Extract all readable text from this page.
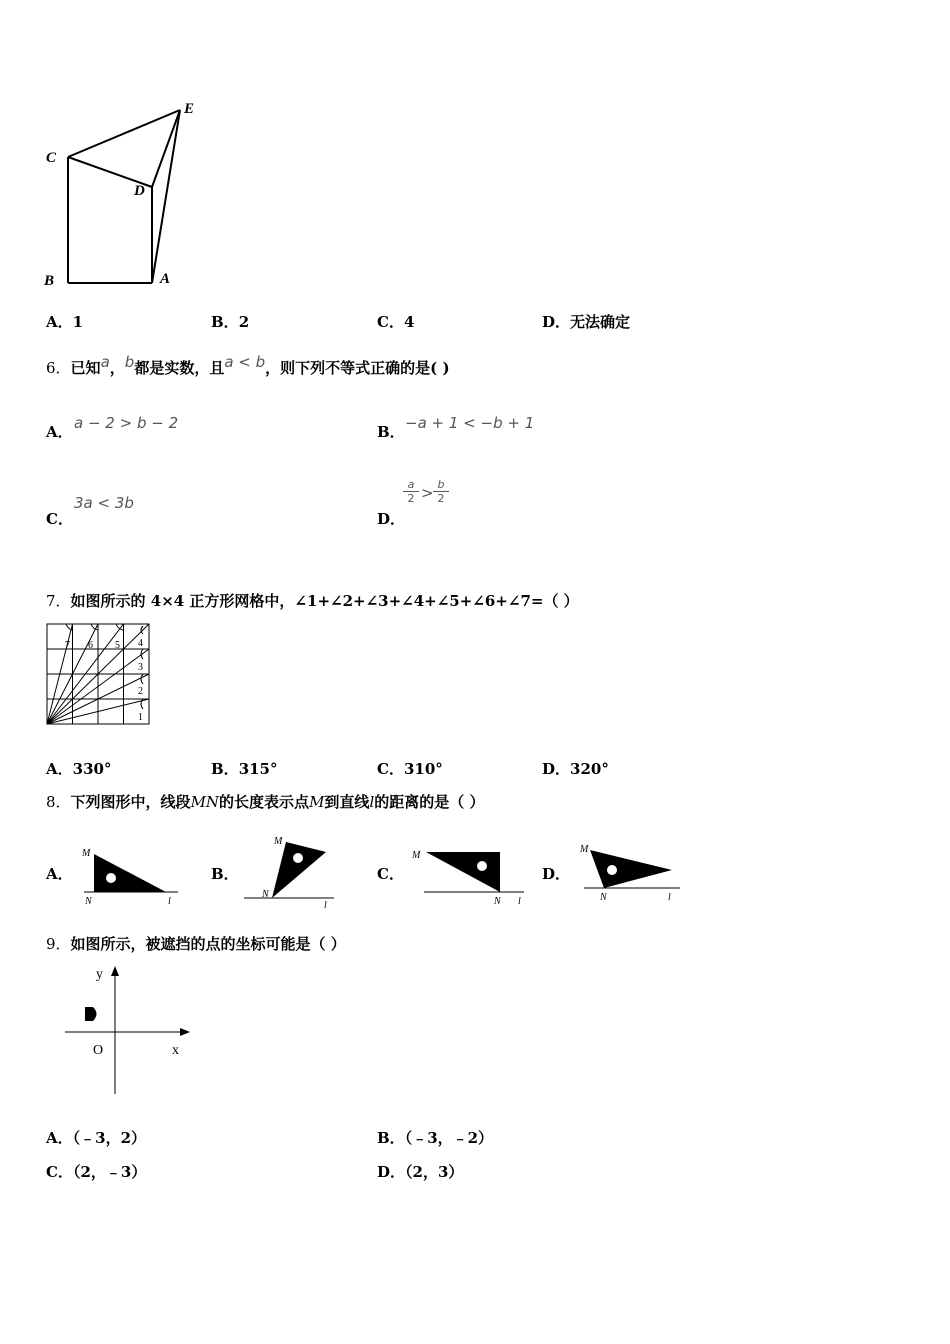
C
D
E
B	A
A．1	B．2	C．4	D．无法确定
6．已知a，b都是实数，且a < b，则下列不等式正确的是( )
A． a − 2 > b − 2	B． −a + 1 < −b + 1
C．
3a < 3b
D．
$\frac{a}{2} > \frac{b}{2}$
7．如图所示的 4×4 正方形网格中，∠1+∠2+∠3+∠4+∠5+∠6+∠7=（ ）
1
2
3
4
5
6
7
A．330°	B．315°	C．310°	D．320°
8．下列图形中，线段MN的长度表示点M到直线l的距离的是（ ）
A．	B．	C．	D．
M
N	l
M
N
l
M
N l
M
N	l
9．如图所示，被遮挡的点的坐标可能是（ ）
y
x
O
A．（﹣3，2）	B．（﹣3，﹣2）
C．（2，﹣3）	D．（2，3）
